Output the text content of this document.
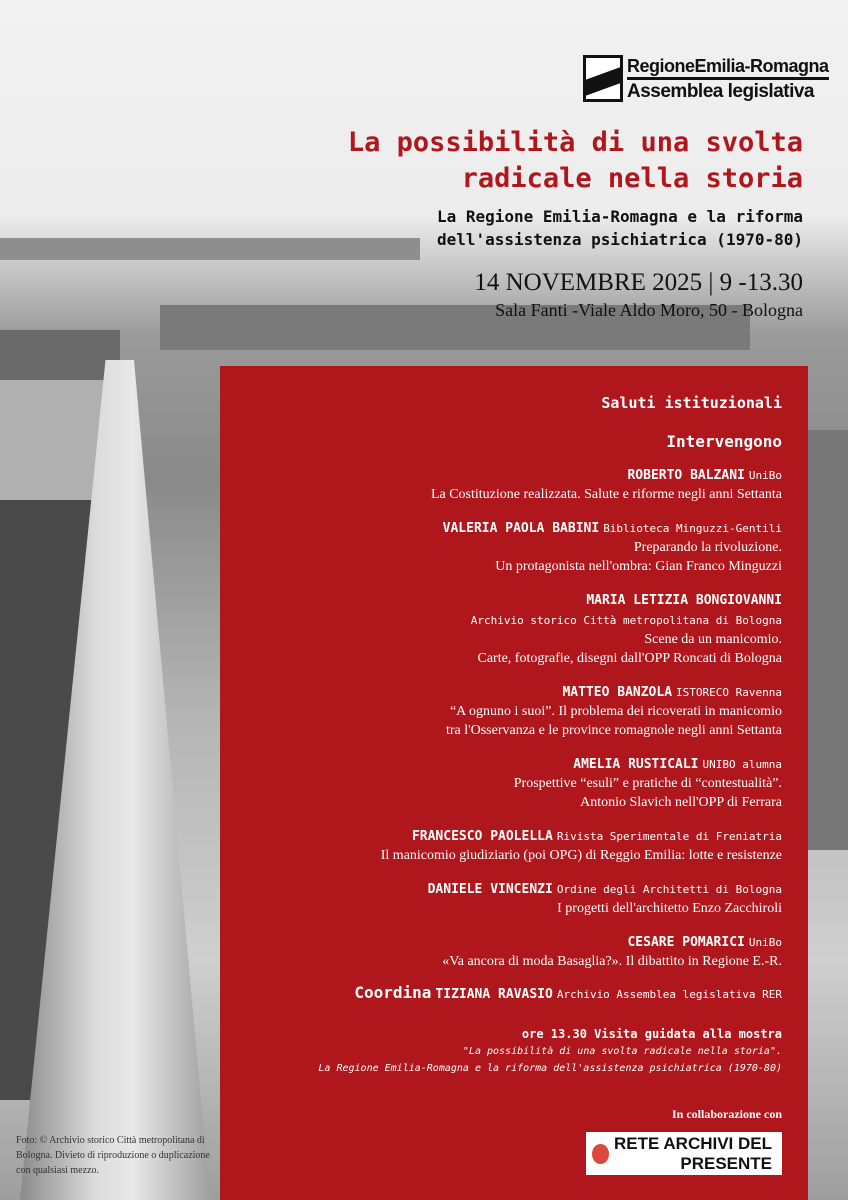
RegioneEmilia-Romagna
Assemblea legislativa
La possibilità di una svolta
radicale nella storia
La Regione Emilia-Romagna e la riforma
dell'assistenza psichiatrica (1970-80)
14 NOVEMBRE 2025 | 9 -13.30
Sala Fanti -Viale Aldo Moro, 50 - Bologna
Saluti istituzionali
Intervengono
ROBERTO BALZANI UniBo
La Costituzione realizzata. Salute e riforme negli anni Settanta
VALERIA PAOLA BABINI Biblioteca Minguzzi-Gentili
Preparando la rivoluzione.
Un protagonista nell'ombra: Gian Franco Minguzzi
MARIA LETIZIA BONGIOVANNI
Archivio storico Città metropolitana di Bologna
Scene da un manicomio.
Carte, fotografie, disegni dall'OPP Roncati di Bologna
MATTEO BANZOLA ISTORECO Ravenna
“A ognuno i suoi”. Il problema dei ricoverati in manicomio
tra l'Osservanza e le province romagnole negli anni Settanta
AMELIA RUSTICALI UNIBO alumna
Prospettive “esuli” e pratiche di “contestualità”.
Antonio Slavich nell'OPP di Ferrara
FRANCESCO PAOLELLA Rivista Sperimentale di Freniatria
Il manicomio giudiziario (poi OPG) di Reggio Emilia: lotte e resistenze
DANIELE VINCENZI Ordine degli Architetti di Bologna
I progetti dell'architetto Enzo Zacchiroli
CESARE POMARICI UniBo
«Va ancora di moda Basaglia?». Il dibattito in Regione E.-R.
Coordina TIZIANA RAVASIO Archivio Assemblea legislativa RER
ore 13.30 Visita guidata alla mostra
"La possibilità di una svolta radicale nella storia".
La Regione Emilia-Romagna e la riforma dell'assistenza psichiatrica (1970-80)
In collaborazione con
RETE ARCHIVI DEL PRESENTE
Foto: © Archivio storico Città metropolitana di Bologna. Divieto di riproduzione o duplicazione con qualsiasi mezzo.
